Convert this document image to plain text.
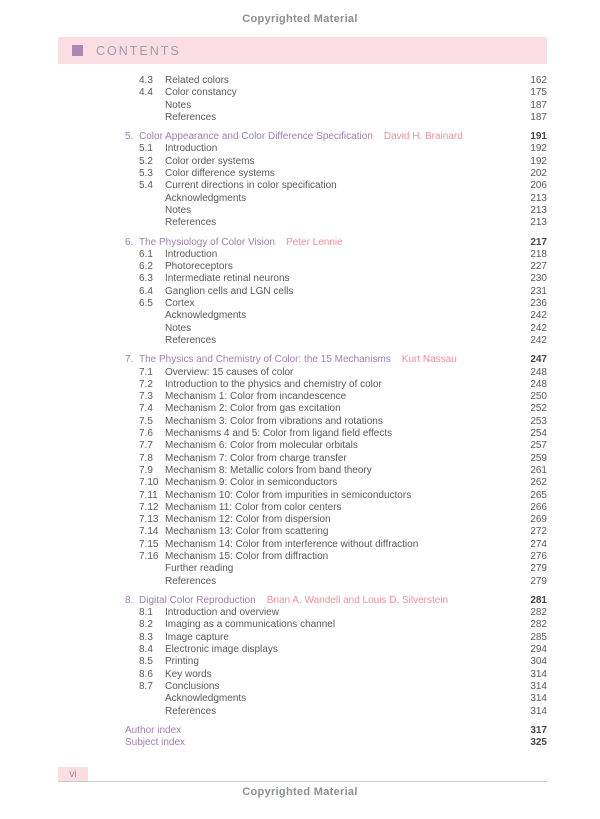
Copyrighted Material
CONTENTS
4.3	Related colors	162
4.4	Color constancy	175
Notes	187
References	187
5. Color Appearance and Color Difference Specification David H. Brainard	191
5.1	Introduction	192
5.2	Color order systems	192
5.3	Color difference systems	202
5.4	Current directions in color specification	206
Acknowledgments	213
Notes	213
References	213
6. The Physiology of Color Vision Peter Lennie	217
6.1	Introduction	218
6.2	Photoreceptors	227
6.3	Intermediate retinal neurons	230
6.4	Ganglion cells and LGN cells	231
6.5	Cortex	236
Acknowledgments	242
Notes	242
References	242
7. The Physics and Chemistry of Color: the 15 Mechanisms Kurt Nassau	247
7.1	Overview: 15 causes of color	248
7.2	Introduction to the physics and chemistry of color	248
7.3	Mechanism 1: Color from incandescence	250
7.4	Mechanism 2: Color from gas excitation	252
7.5	Mechanism 3: Color from vibrations and rotations	253
7.6	Mechanisms 4 and 5: Color from ligand field effects	254
7.7	Mechanism 6: Color from molecular orbitals	257
7.8	Mechanism 7: Color from charge transfer	259
7.9	Mechanism 8: Metallic colors from band theory	261
7.10 Mechanism 9: Color in semiconductors	262
7.11 Mechanism 10: Color from impurities in semiconductors	265
7.12 Mechanism 11: Color from color centers	266
7.13 Mechanism 12: Color from dispersion	269
7.14 Mechanism 13: Color from scattering	272
7.15 Mechanism 14: Color from interference without diffraction	274
7.16 Mechanism 15: Color from diffraction	276
Further reading	279
References	279
8. Digital Color Reproduction Brian A. Wandell and Louis D. Silverstein	281
8.1	Introduction and overview	282
8.2	Imaging as a communications channel	282
8.3	Image capture	285
8.4	Electronic image displays	294
8.5	Printing	304
8.6	Key words	314
8.7	Conclusions	314
Acknowledgments	314
References	314
Author index	317
Subject index	325
vi
Copyrighted Material
